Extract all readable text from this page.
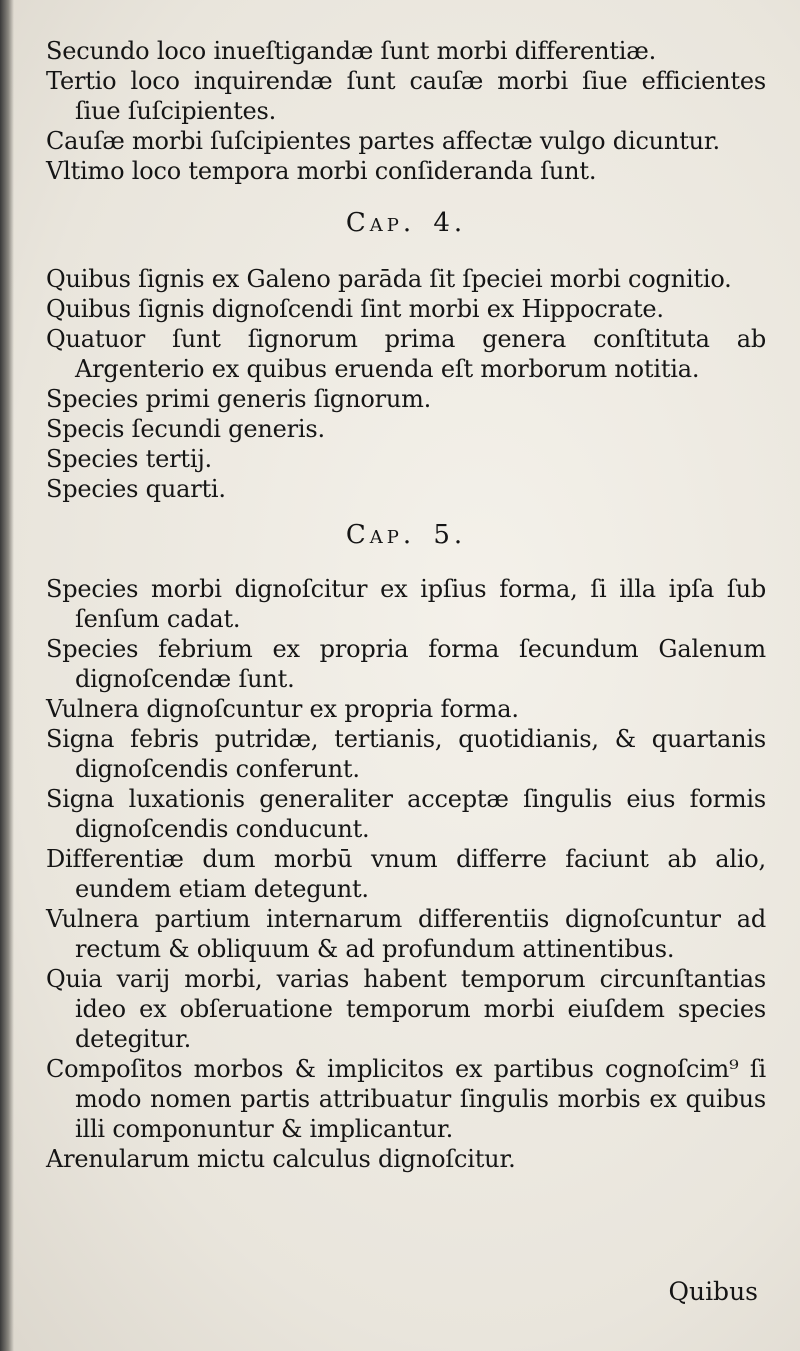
Secundo loco inueſtigandæ ſunt morbi differentiæ.
Tertio loco inquirendæ ſunt cauſæ morbi ſiue efficientes ſiue ſuſcipientes.
Cauſæ morbi ſuſcipientes partes affectæ vulgo dicuntur.
Vltimo loco tempora morbi conſideranda ſunt.
Cap. 4.
Quibus ſignis ex Galeno parāda ſit ſpeciei morbi cognitio.
Quibus ſignis dignoſcendi ſint morbi ex Hippocrate.
Quatuor ſunt ſignorum prima genera conſtituta ab Argenterio ex quibus eruenda eſt morborum notitia.
Species primi generis ſignorum.
Specis ſecundi generis.
Species tertij.
Species quarti.
Cap. 5.
Species morbi dignoſcitur ex ipſius forma, ſi illa ipſa ſub ſenſum cadat.
Species febrium ex propria forma ſecundum Galenum dignoſcendæ ſunt.
Vulnera dignoſcuntur ex propria forma.
Signa febris putridæ, tertianis, quotidianis, & quartanis dignoſcendis conferunt.
Signa luxationis generaliter acceptæ ſingulis eius formis dignoſcendis conducunt.
Differentiæ dum morbū vnum differre faciunt ab alio, eundem etiam detegunt.
Vulnera partium internarum differentiis dignoſcuntur ad rectum & obliquum & ad profundum attinentibus.
Quia varij morbi, varias habent temporum circunſtantias ideo ex obſeruatione temporum morbi eiuſdem species detegitur.
Compoſitos morbos & implicitos ex partibus cognoſcim⁹ ſi modo nomen partis attribuatur ſingulis morbis ex quibus illi componuntur & implicantur.
Arenularum mictu calculus dignoſcitur.
Quibus
